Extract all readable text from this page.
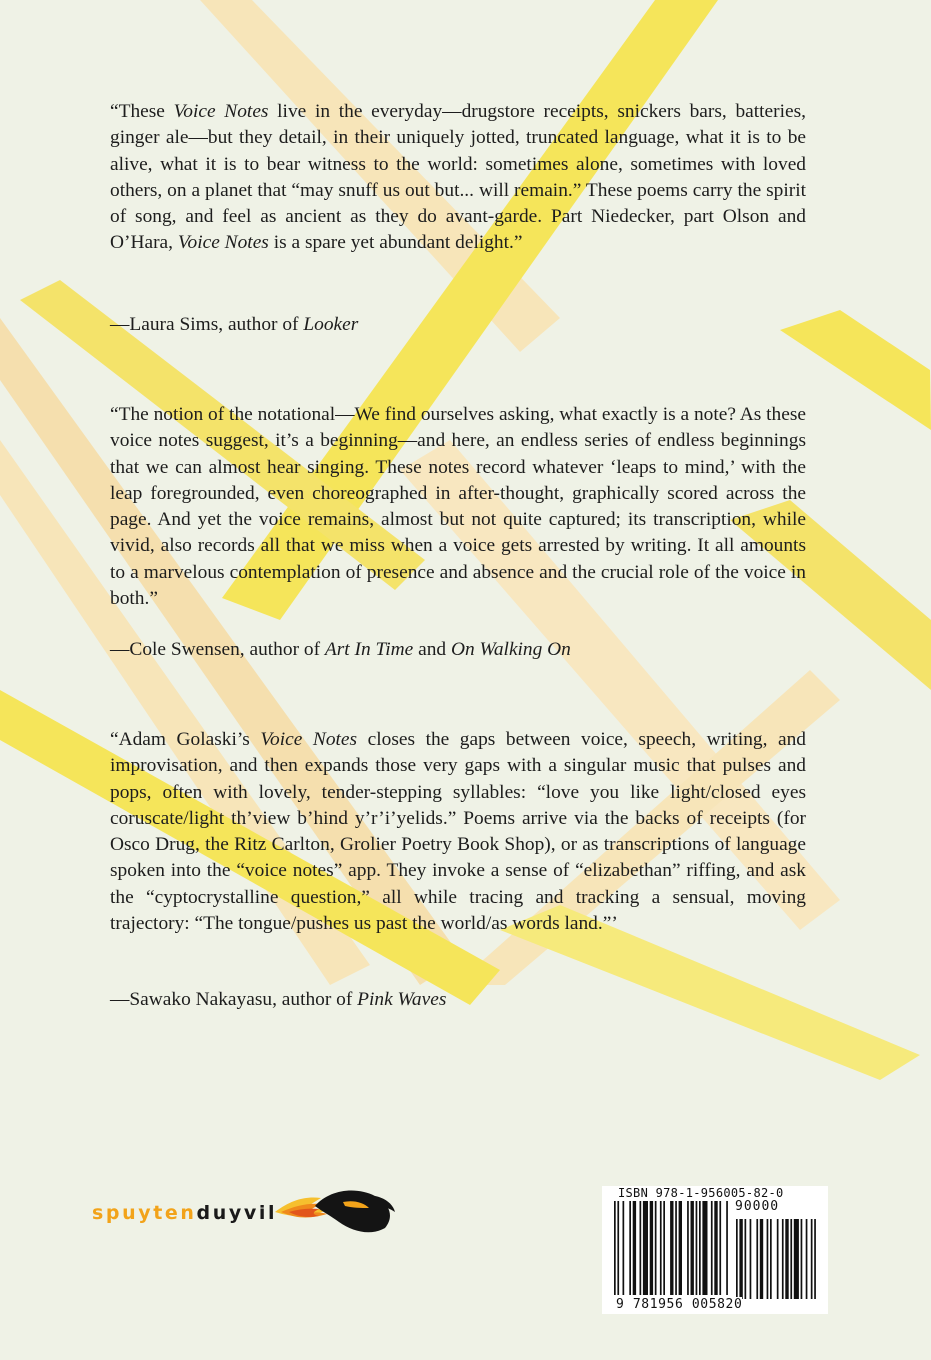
“These Voice Notes live in the everyday—drugstore receipts, snickers bars, batteries, ginger ale—but they detail, in their uniquely jotted, truncated language, what it is to be alive, what it is to bear witness to the world: sometimes alone, sometimes with loved others, on a planet that “may snuff us out but... will remain.” These poems carry the spirit of song, and feel as ancient as they do avant-garde. Part Niedecker, part Olson and O’Hara, Voice Notes is a spare yet abundant delight.”

—Laura Sims, author of Looker

“The notion of the notational—We find ourselves asking, what exactly is a note? As these voice notes suggest, it’s a beginning—and here, an endless series of endless beginnings that we can almost hear singing. These notes record whatever ‘leaps to mind,’ with the leap foregrounded, even choreographed in after-thought, graphically scored across the page. And yet the voice remains, almost but not quite captured; its transcription, while vivid, also records all that we miss when a voice gets arrested by writing. It all amounts to a marvelous contemplation of presence and absence and the crucial role of the voice in both.”

—Cole Swensen, author of Art In Time and On Walking On

“Adam Golaski’s Voice Notes closes the gaps between voice, speech, writing, and improvisation, and then expands those very gaps with a singular music that pulses and pops, often with lovely, tender-stepping syllables: “love you like light/closed eyes coruscate/light th’view b’hind y’r’i’yelids.” Poems arrive via the backs of receipts (for Osco Drug, the Ritz Carlton, Grolier Poetry Book Shop), or as transcriptions of language spoken into the “voice notes” app. They invoke a sense of “elizabethan” riffing, and ask the “cyptocrystalline question,” all while tracing and tracking a sensual, moving trajectory: “The tongue/pushes us past the world/as words land.”’

—Sawako Nakayasu, author of Pink Waves

spuytenduyvil
ISBN 978-1-956005-82-0
90000
9 781956 005820
